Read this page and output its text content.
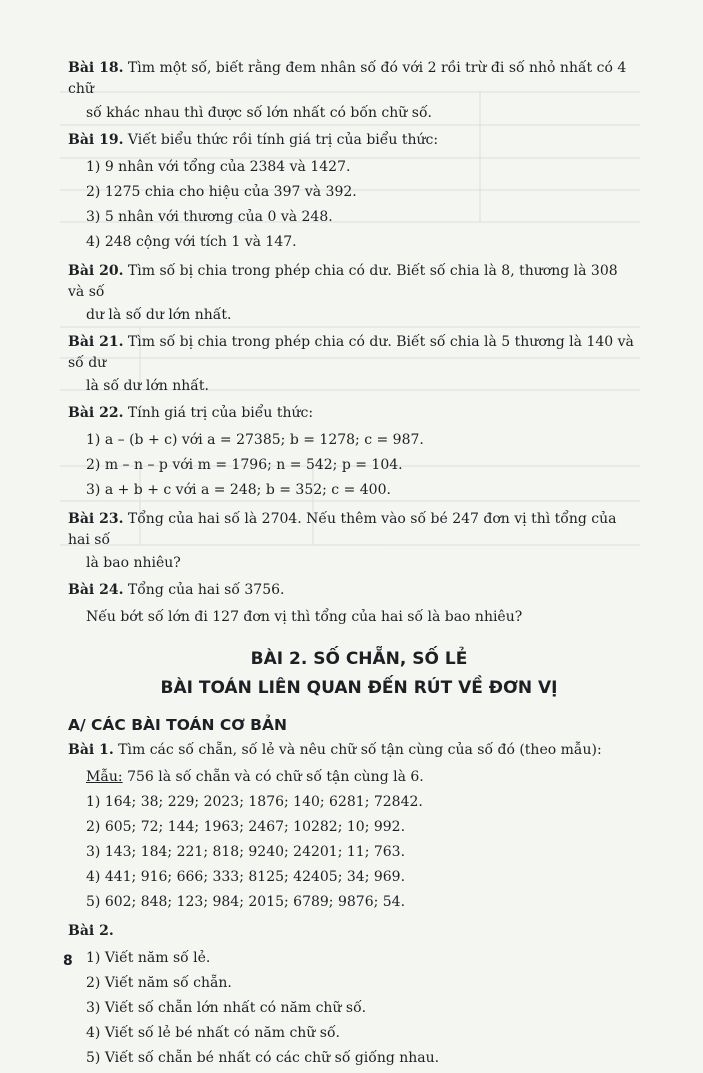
Bài 18. Tìm một số, biết rằng đem nhân số đó với 2 rồi trừ đi số nhỏ nhất có 4 chữ

số khác nhau thì được số lớn nhất có bốn chữ số.

Bài 19. Viết biểu thức rồi tính giá trị của biểu thức:

1) 9 nhân với tổng của 2384 và 1427.

2) 1275 chia cho hiệu của 397 và 392.

3) 5 nhân với thương của 0 và 248.

4) 248 cộng với tích 1 và 147.

Bài 20. Tìm số bị chia trong phép chia có dư. Biết số chia là 8, thương là 308 và số

dư là số dư lớn nhất.

Bài 21. Tìm số bị chia trong phép chia có dư. Biết số chia là 5 thương là 140 và số dư

là số dư lớn nhất.

Bài 22. Tính giá trị của biểu thức:

1) a – (b + c) với a = 27385; b = 1278; c = 987.

2) m – n – p với m = 1796; n = 542; p = 104.

3) a + b + c với a = 248; b = 352; c = 400.

Bài 23. Tổng của hai số là 2704. Nếu thêm vào số bé 247 đơn vị thì tổng của hai số

là bao nhiêu?

Bài 24. Tổng của hai số 3756.

Nếu bớt số lớn đi 127 đơn vị thì tổng của hai số là bao nhiêu?

BÀI 2. SỐ CHẴN, SỐ LẺ
BÀI TOÁN LIÊN QUAN ĐẾN RÚT VỀ ĐƠN VỊ

A/ CÁC BÀI TOÁN CƠ BẢN

Bài 1. Tìm các số chẵn, số lẻ và nêu chữ số tận cùng của số đó (theo mẫu):

Mẫu: 756 là số chẵn và có chữ số tận cùng là 6.

1) 164; 38; 229; 2023; 1876; 140; 6281; 72842.

2) 605; 72; 144; 1963; 2467; 10282; 10; 992.

3) 143; 184; 221; 818; 9240; 24201; 11; 763.

4) 441; 916; 666; 333; 8125; 42405; 34; 969.

5) 602; 848; 123; 984; 2015; 6789; 9876; 54.

Bài 2.

1) Viết năm số lẻ.

2) Viết năm số chẵn.

3) Viết số chẵn lớn nhất có năm chữ số.

4) Viết số lẻ bé nhất có năm chữ số.

5) Viết số chẵn bé nhất có các chữ số giống nhau.

8
